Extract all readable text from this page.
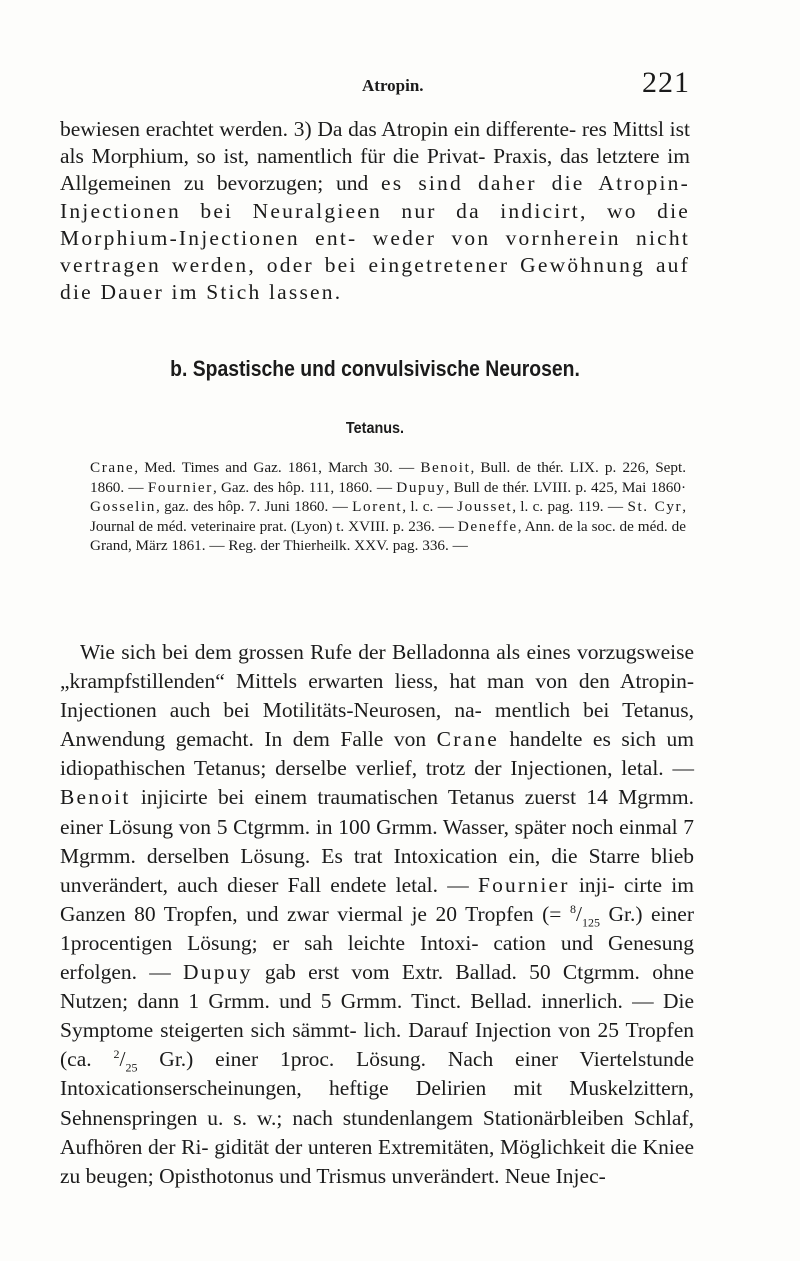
Atropin.	221

bewiesen erachtet werden. 3) Da das Atropin ein differente- res Mittsl ist als Morphium, so ist, namentlich für die Privat- Praxis, das letztere im Allgemeinen zu bevorzugen; und es sind daher die Atropin-Injectionen bei Neuralgieen nur da indicirt, wo die Morphium-Injectionen ent- weder von vornherein nicht vertragen werden, oder bei eingetretener Gewöhnung auf die Dauer im Stich lassen.

b. Spastische und convulsivische Neurosen.
Tetanus.

Crane, Med. Times and Gaz. 1861, March 30. — Benoit, Bull. de thér. LIX. p. 226, Sept. 1860. — Fournier, Gaz. des hôp. 111, 1860. — Dupuy, Bull de thér. LVIII. p. 425, Mai 1860· Gosselin, gaz. des hôp. 7. Juni 1860. — Lorent, l. c. — Jousset, l. c. pag. 119. — St. Cyr, Journal de méd. veterinaire prat. (Lyon) t. XVIII. p. 236. — Deneffe, Ann. de la soc. de méd. de Grand, März 1861. — Reg. der Thierheilk. XXV. pag. 336. —

Wie sich bei dem grossen Rufe der Belladonna als eines vorzugsweise „krampfstillenden“ Mittels erwarten liess, hat man von den Atropin-Injectionen auch bei Motilitäts-Neurosen, na- mentlich bei Tetanus, Anwendung gemacht. In dem Falle von Crane handelte es sich um idiopathischen Tetanus; derselbe verlief, trotz der Injectionen, letal. — Benoit injicirte bei einem traumatischen Tetanus zuerst 14 Mgrmm. einer Lösung von 5 Ctgrmm. in 100 Grmm. Wasser, später noch einmal 7 Mgrmm. derselben Lösung. Es trat Intoxication ein, die Starre blieb unverändert, auch dieser Fall endete letal. — Fournier inji- cirte im Ganzen 80 Tropfen, und zwar viermal je 20 Tropfen (= $^8/_{125}$ Gr.) einer 1procentigen Lösung; er sah leichte Intoxi- cation und Genesung erfolgen. — Dupuy gab erst vom Extr. Ballad. 50 Ctgrmm. ohne Nutzen; dann 1 Grmm. und 5 Grmm. Tinct. Bellad. innerlich. — Die Symptome steigerten sich sämmt- lich. Darauf Injection von 25 Tropfen (ca. $^2/_{25}$ Gr.) einer 1proc. Lösung. Nach einer Viertelstunde Intoxicationserscheinungen, heftige Delirien mit Muskelzittern, Sehnenspringen u. s. w.; nach stundenlangem Stationärbleiben Schlaf, Aufhören der Ri- gidität der unteren Extremitäten, Möglichkeit die Kniee zu beugen; Opisthotonus und Trismus unverändert. Neue Injec-
